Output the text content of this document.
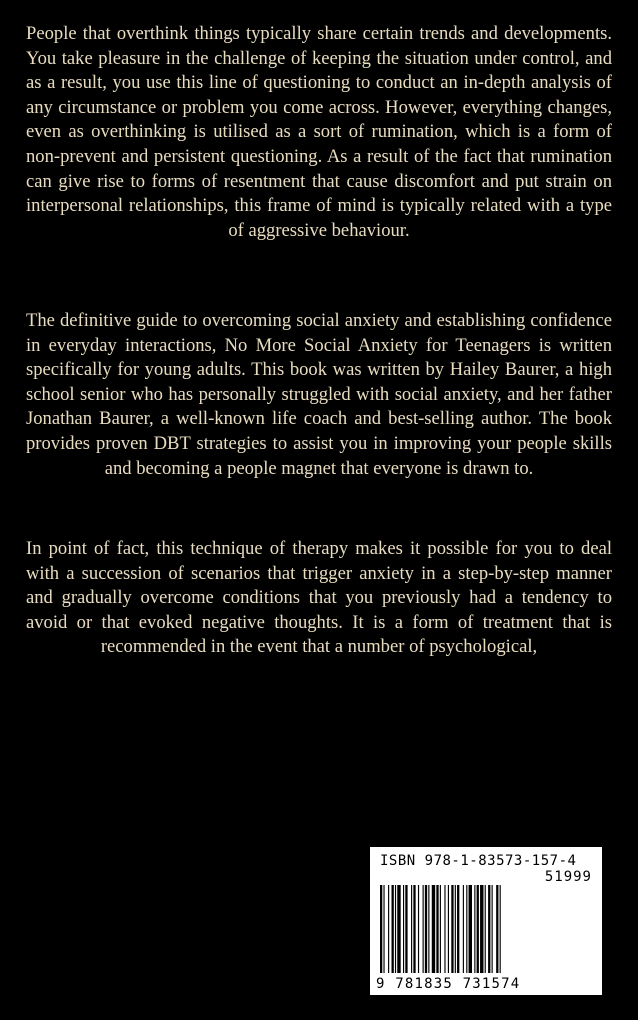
People that overthink things typically share certain trends and developments. You take pleasure in the challenge of keeping the situation under control, and as a result, you use this line of questioning to conduct an in-depth analysis of any circumstance or problem you come across. However, everything changes, even as overthinking is utilised as a sort of rumination, which is a form of non-prevent and persistent questioning. As a result of the fact that rumination can give rise to forms of resentment that cause discomfort and put strain on interpersonal relationships, this frame of mind is typically related with a type of aggressive behaviour.

The definitive guide to overcoming social anxiety and establishing confidence in everyday interactions, No More Social Anxiety for Teenagers is written specifically for young adults. This book was written by Hailey Baurer, a high school senior who has personally struggled with social anxiety, and her father Jonathan Baurer, a well-known life coach and best-selling author. The book provides proven DBT strategies to assist you in improving your people skills and becoming a people magnet that everyone is drawn to.

In point of fact, this technique of therapy makes it possible for you to deal with a succession of scenarios that trigger anxiety in a step-by-step manner and gradually overcome conditions that you previously had a tendency to avoid or that evoked negative thoughts. It is a form of treatment that is recommended in the event that a number of psychological,

ISBN 978-1-83573-157-4
51999
9 781835 731574
